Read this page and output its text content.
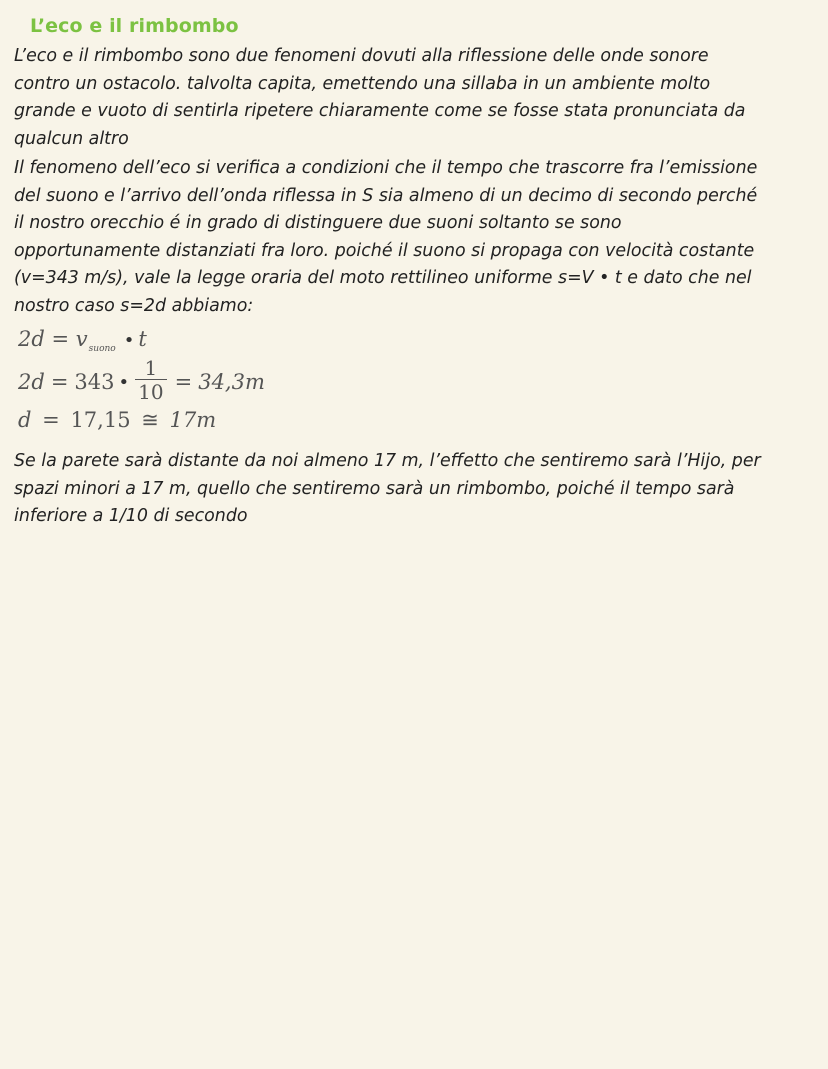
L’eco e il rimbombo
L’eco e il rimbombo sono due fenomeni dovuti alla riflessione delle onde sonore
contro un ostacolo. talvolta capita, emettendo una sillaba in un ambiente molto
grande e vuoto di sentirla ripetere chiaramente come se fosse stata pronunciata da
qualcun altro
Il fenomeno dell’eco si verifica a condizioni che il tempo che trascorre fra l’emissione
del suono e l’arrivo dell’onda riflessa in S sia almeno di un decimo di secondo perché
il nostro orecchio é in grado di distinguere due suoni soltanto se sono
opportunamente distanziati fra loro. poiché il suono si propaga con velocità costante
(v=343 m/s), vale la legge oraria del moto rettilineo uniforme s=V • t e dato che nel
nostro caso s=2d abbiamo:
$2d = v_{suono}$ • t
2d = 343 • $\frac{1}{10} = 34,3m$
d = 17,15 ≅ 17m
Se la parete sarà distante da noi almeno 17 m, l’effetto che sentiremo sarà l’Hijo, per
spazi minori a 17 m, quello che sentiremo sarà un rimbombo, poiché il tempo sarà
inferiore a 1/10 di secondo
